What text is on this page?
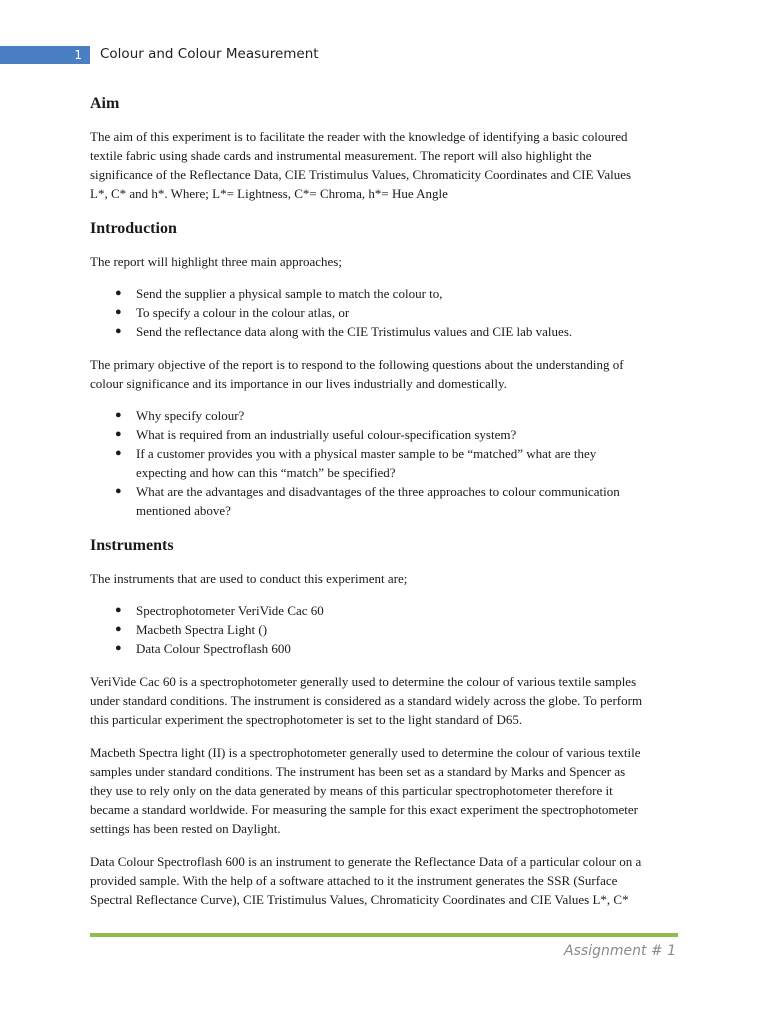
1 Colour and Colour Measurement
Aim

The aim of this experiment is to facilitate the reader with the knowledge of identifying a basic coloured
textile fabric using shade cards and instrumental measurement. The report will also highlight the
significance of the Reflectance Data, CIE Tristimulus Values, Chromaticity Coordinates and CIE Values
L*, C* and h*. Where; L*= Lightness, C*= Chroma, h*= Hue Angle

Introduction

The report will highlight three main approaches;

● Send the supplier a physical sample to match the colour to,
● To specify a colour in the colour atlas, or
● Send the reflectance data along with the CIE Tristimulus values and CIE lab values.

The primary objective of the report is to respond to the following questions about the understanding of
colour significance and its importance in our lives industrially and domestically.

● Why specify colour?
● What is required from an industrially useful colour-specification system?
● If a customer provides you with a physical master sample to be “matched” what are they
expecting and how can this “match” be specified?
● What are the advantages and disadvantages of the three approaches to colour communication
mentioned above?
Instruments

The instruments that are used to conduct this experiment are;

● Spectrophotometer VeriVide Cac 60
● Macbeth Spectra Light ()
● Data Colour Spectroflash 600

VeriVide Cac 60 is a spectrophotometer generally used to determine the colour of various textile samples
under standard conditions. The instrument is considered as a standard widely across the globe. To perform
this particular experiment the spectrophotometer is set to the light standard of D65.

Macbeth Spectra light (II) is a spectrophotometer generally used to determine the colour of various textile
samples under standard conditions. The instrument has been set as a standard by Marks and Spencer as
they use to rely only on the data generated by means of this particular spectrophotometer therefore it
became a standard worldwide. For measuring the sample for this exact experiment the spectrophotometer
settings has been rested on Daylight.

Data Colour Spectroflash 600 is an instrument to generate the Reflectance Data of a particular colour on a
provided sample. With the help of a software attached to it the instrument generates the SSR (Surface
Spectral Reflectance Curve), CIE Tristimulus Values, Chromaticity Coordinates and CIE Values L*, C*

Assignment # 1
